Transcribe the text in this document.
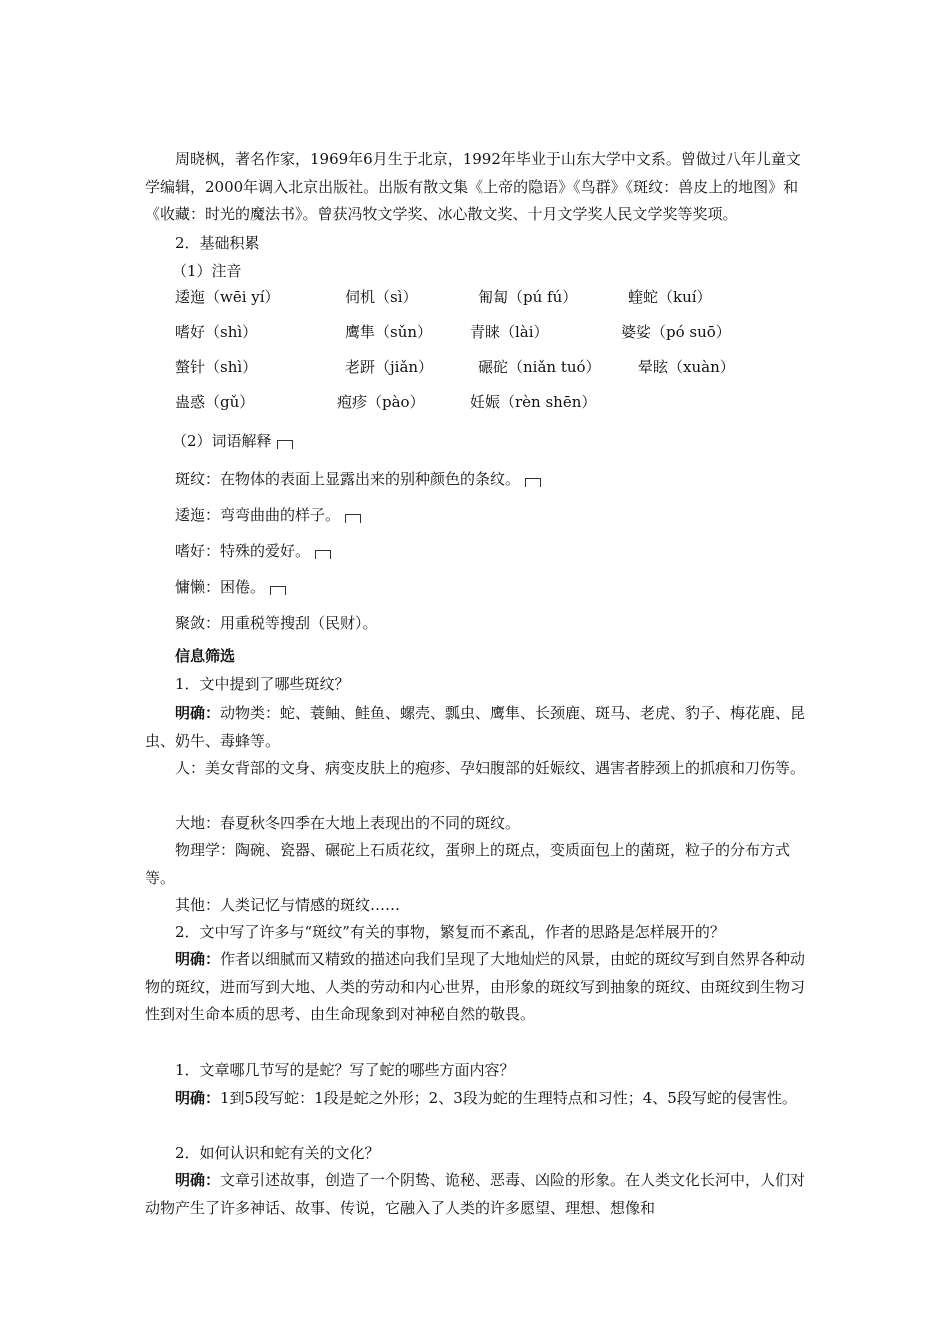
周晓枫，著名作家，1969年6月生于北京，1992年毕业于山东大学中文系。曾做过八年儿童文学编辑，2000年调入北京出版社。出版有散文集《上帝的隐语》《鸟群》《斑纹：兽皮上的地图》和《收藏：时光的魔法书》。曾获冯牧文学奖、冰心散文奖、十月文学奖人民文学奖等奖项。
2．基础积累
（1）注音
逶迤（wēi yí）	伺机（sì）	匍匐（pú fú）	蝰蛇（kuí）
嗜好（shì）	鹰隼（sǔn）	青睐（lài）	婆娑（pó suō）
螫针（shì）	老趼（jiǎn）	碾砣（niǎn tuó） 晕眩（xuàn）
蛊惑（gǔ）	疱疹（pào）	妊娠（rèn shēn）
（2）词语解释
斑纹：在物体的表面上显露出来的别种颜色的条纹。
逶迤：弯弯曲曲的样子。
嗜好：特殊的爱好。
慵懒：困倦。
聚敛：用重税等搜刮（民财）。
信息筛选
1．文中提到了哪些斑纹？
明确：动物类：蛇、蓑鲉、鲑鱼、螺壳、瓢虫、鹰隼、长颈鹿、斑马、老虎、豹子、梅花鹿、昆虫、奶牛、毒蜂等。
人：美女背部的文身、病变皮肤上的疱疹、孕妇腹部的妊娠纹、遇害者脖颈上的抓痕和刀伤等。
大地：春夏秋冬四季在大地上表现出的不同的斑纹。
物理学：陶碗、瓷器、碾砣上石质花纹，蛋卵上的斑点，变质面包上的菌斑，粒子的分布方式等。
其他：人类记忆与情感的斑纹……
2．文中写了许多与“斑纹”有关的事物，繁复而不紊乱，作者的思路是怎样展开的？
明确：作者以细腻而又精致的描述向我们呈现了大地灿烂的风景，由蛇的斑纹写到自然界各种动物的斑纹，进而写到大地、人类的劳动和内心世界，由形象的斑纹写到抽象的斑纹、由斑纹到生物习性到对生命本质的思考、由生命现象到对神秘自然的敬畏。
1．文章哪几节写的是蛇？写了蛇的哪些方面内容？
明确：1到5段写蛇：1段是蛇之外形；2、3段为蛇的生理特点和习性；4、5段写蛇的侵害性。
2．如何认识和蛇有关的文化？
明确：文章引述故事，创造了一个阴鸷、诡秘、恶毒、凶险的形象。在人类文化长河中，人们对动物产生了许多神话、故事、传说，它融入了人类的许多愿望、理想、想像和
